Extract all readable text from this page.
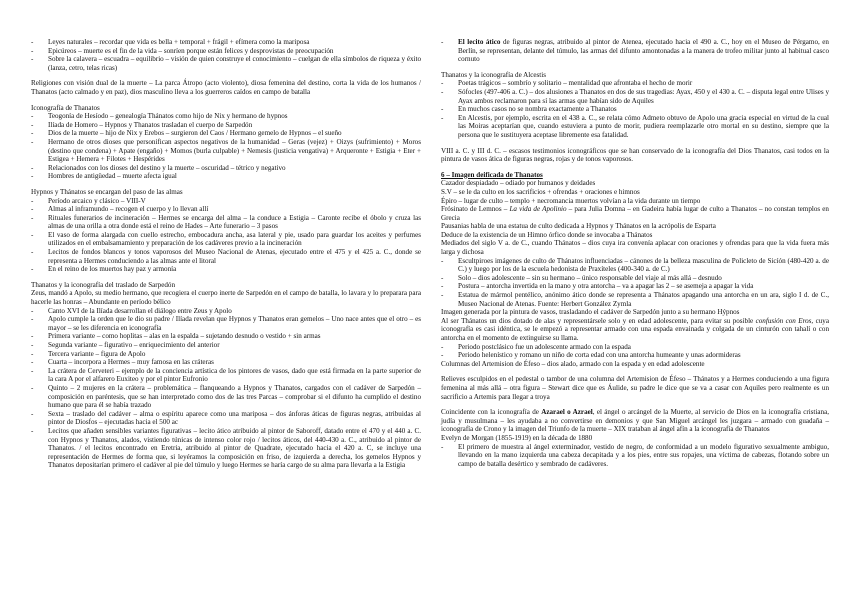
- Leyes naturales – recordar que vida es bella + temporal + frágil + efímera como la mariposa
- Epicúreos – muerte es el fin de la vida – sonríen porque están felices y desprovistas de preocupación
- Sobre la calavera – escuadra – equilibrio – visión de quien construye el conocimiento – cuelgan de ella símbolos de riqueza y éxito (lanza, cetro, telas ricas)

Religiones con visión dual de la muerte – La parca Átropo (acto violento), diosa femenina del destino, corta la vida de los humanos / Thanatos (acto calmado y en paz), dios masculino lleva a los guerreros caídos en campo de batalla

Iconografía de Thanatos

- Teogonía de Hesíodo – genealogía Thánatos como hijo de Nix y hermano de hypnos
- Ilíada de Homero – Hypnos y Thanatos trasladan el cuerpo de Sarpedón
- Dios de la muerte – hijo de Nix y Erebos – surgieron del Caos / Hermano gemelo de Hypnos – el sueño
- Hermano de otros dioses que personifican aspectos negativos de la humanidad – Geras (vejez) + Oizys (sufrimiento) + Moros (destino que condena) + Apate (engaño) + Momos (burla culpable) + Nemesis (justicia vengativa) + Arqueronte + Estigia + Eter + Estigea + Hemera + Filotes + Hespérides
- Relacionados con los dioses del destino y la muerte – oscuridad – tétrico y negativo
- Hombres de antigüedad – muerte afecta igual

Hypnos y Thánatos se encargan del paso de las almas

- Período arcaico y clásico – VIII-V
- Almas al inframundo – recogen el cuerpo y lo llevan allí
- Rituales funerarios de incineración – Hermes se encarga del alma – la conduce a Estigia – Caronte recibe el óbolo y cruza las almas de una orilla a otra donde está el reino de Hades – Arte funerario – 3 pasos
- El vaso de forma alargada con cuello estrecho, embocadura ancha, asa lateral y pie, usado para guardar los aceites y perfumes utilizados en el embalsamamiento y preparación de los cadáveres previo a la incineración
- Lecitos de fondos blancos y tonos vaporosos del Museo Nacional de Atenas, ejecutado entre el 475 y el 425 a. C., donde se representa a Hermes conduciendo a las almas ante el litoral
- En el reino de los muertos hay paz y armonía

Thanatos y la iconografía del traslado de Sarpedón

Zeus, mandó a Apolo, su medio hermano, que recogiera el cuerpo inerte de Sarpedón en el campo de batalla, lo lavara y lo preparara para hacerle las honras – Abundante en período bélico

- Canto XVI de la Ilíada desarrollan el diálogo entre Zeus y Apolo
- Apolo cumple la orden que le dio su padre / Ilíada revelan que Hypnos y Thanatos eran gemelos – Uno nace antes que el otro – es mayor – se les diferencia en iconografía
- Primera variante – como hoplitas – alas en la espalda – sujetando desnudo o vestido + sin armas
- Segunda variante – figurativo – enriquecimiento del anterior
- Tercera variante – figura de Apolo
- Cuarta – incorpora a Hermes – muy famosa en las cráteras
- La crátera de Cerveteri – ejemplo de la conciencia artística de los pintores de vasos, dado que está firmada en la parte superior de la cara A por el alfarero Euxiteo y por el pintor Eufronio
- Quinto – 2 mujeres en la crátera – problemática – flanqueando a Hypnos y Thanatos, cargados con el cadáver de Sarpedón – composición en paréntesis, que se han interpretado como dos de las tres Parcas – comprobar si el difunto ha cumplido el destino humano que para él se había trazado
- Sexta – traslado del cadáver – alma o espíritu aparece como una mariposa – dos ánforas áticas de figuras negras, atribuidas al pintor de Diosfos – ejecutadas hacia el 500 ac
- Lecitos que añaden sensibles variantes figurativas – lecito ático atribuido al pintor de Saboroff, datado entre el 470 y el 440 a. C. con Hypnos y Thanatos, alados, vistiendo túnicas de intenso color rojo / lecitos áticos, del 440-430 a. C., atribuido al pintor de Thanatos. / el lecitos encontrado en Eretria, atribuido al pintor de Quadrate, ejecutado hacia el 420 a. C, se incluye una representación de Hermes de forma que, si leyéramos la composición en friso, de izquierda a derecha, los gemelos Hypnos y Thanatos depositarían primero el cadáver al pie del túmulo y luego Hermes se haría cargo de su alma para llevarla a la Estigia
- El lecito ático de figuras negras, atribuido al pintor de Atenea, ejecutado hacia el 490 a. C., hoy en el Museo de Pérgamo, en Berlín, se representan, delante del túmulo, las armas del difunto amontonadas a la manera de trofeo militar junto al habitual casco cornuto

Thanatos y la iconografía de Alcestis

- Poetas trágicos – sombrío y solitario – mentalidad que afrontaba el hecho de morir
- Sófocles (497-406 a. C.) – dos alusiones a Thanatos en dos de sus tragedias: Ayax, 450 y el 430 a. C. – disputa legal entre Ulises y Ayax ambos reclamaron para sí las armas que habían sido de Aquiles
- En muchos casos no se nombra exactamente a Thanatos
- En Alcestis, por ejemplo, escrita en el 438 a. C., se relata cómo Admeto obtuvo de Apolo una gracia especial en virtud de la cual las Moiras aceptarían que, cuando estuviera a punto de morir, pudiera reemplazarle otro mortal en su destino, siempre que la persona que le sustituyera aceptase libremente esa fatalidad.

VIII a. C. y III d. C. – escasos testimonios iconográficos que se han conservado de la iconografía del Dios Thanatos, casi todos en la pintura de vasos ática de figuras negras, rojas y de tonos vaporosos.

6 – Imagen deificada de Thanatos

Cazador despiadado – odiado por humanos y deidades

S.V – se le da culto en los sacrificios + ofrendas + oraciones e himnos

Épiro – lugar de culto – templo + necromancia muertos volvían a la vida durante un tiempo

Frósinato de Lemnos – La vida de Apolinio – para Julia Domna – en Gadeira había lugar de culto a Thanatos – no constan templos en Grecia

Pausanias habla de una estatua de culto dedicada a Hypnos y Thánatos en la acrópolis de Esparta

Deduce de la existencia de un Himno órfico donde se invocaba a Thánatos

Mediados del siglo V a. de C., cuando Thánatos – dios cuya ira convenía aplacar con oraciones y ofrendas para que la vida fuera más larga y dichosa

- Escultpiroes imágenes de culto de Thánatos influenciadas – cánones de la belleza masculina de Policleto de Sicíón (480-420 a. de C.) y luego por los de la escuela hedonista de Praxíteles (400-340 a. de C.)
- Solo – dios adolescente – sin su hermano – único responsable del viaje al más allá – desnudo
- Postura – antorcha invertida en la mano y otra antorcha – va a apagar las 2 – se asemeja a apagar la vida
- Estatua de mármol pentélico, anónimo ático donde se representa a Thánatos apagando una antorcha en un ara, siglo I d. de C., Museo Nacional de Atenas. Fuente: Herbert González Zymla

Imagen generada por la pintura de vasos, trasladando el cadáver de Sarpedón junto a su hermano Hýpnos

Al ser Thánatos un dios dotado de alas y representársele solo y en edad adolescente, para evitar su posible confusión con Eros, cuya iconografía es casi idéntica, se le empezó a representar armado con una espada envainada y colgada de un cinturón con tahalí o con antorcha en el momento de extinguirse su llama.

- Periodo postclásico fue un adolescente armado con la espada
- Periodo helenístico y romano un niño de corta edad con una antorcha humeante y unas adormideras

Columnas del Artemision de Éfeso – dios alado, armado con la espada y en edad adolescente

Relieves esculpidos en el pedestal o tambor de una columna del Artemision de Éfeso – Thánatos y a Hermes conduciendo a una figura femenina al más allá – otra figura – Stewart dice que es Áulide, su padre le dice que se va a casar con Aquiles pero realmente es un sacrificio a Artemis para llegar a troya

Coincidente con la iconografía de Azarael o Azrael, el ángel o arcángel de la Muerte, al servicio de Dios en la iconografía cristiana, judía y musulmana – les ayudaba a no convertirse en demonios y que San Miguel arcángel les juzgara – armado con guadaña – iconografía de Crono y la imagen del Triunfo de la muerte – XIX trataban al ángel afín a la iconografía de Thanatos

Evelyn de Morgan (1855-1919) en la década de 1880

- El primero de muestra al ángel exterminador, vestido de negro, de conformidad a un modelo figurativo sexualmente ambiguo, llevando en la mano izquierda una cabeza decapitada y a los pies, entre sus ropajes, una víctima de cabezas, flotando sobre un campo de batalla desértico y sembrado de cadáveres.
